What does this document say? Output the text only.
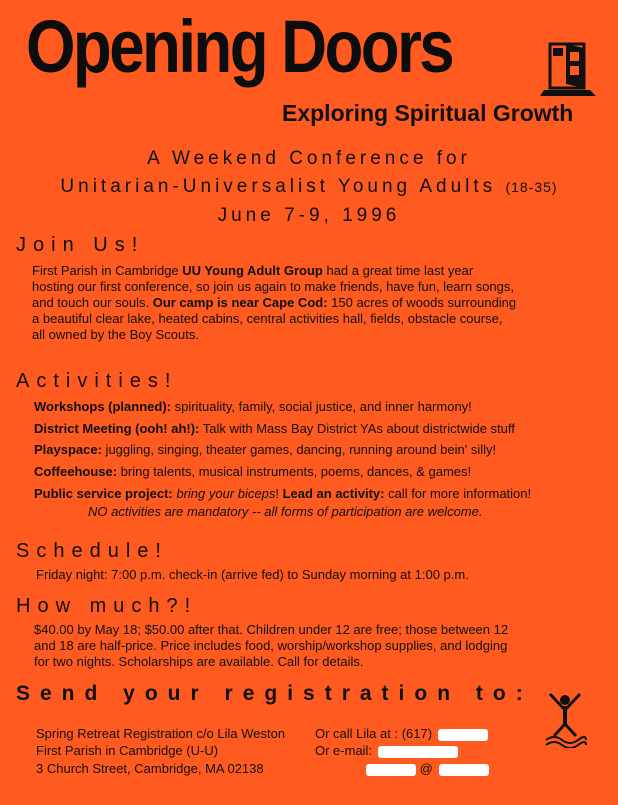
Opening Doors
Exploring Spiritual Growth
A Weekend Conference for
Unitarian-Universalist Young Adults (18-35)
June 7-9, 1996
Join Us!
First Parish in Cambridge UU Young Adult Group had a great time last year
hosting our first conference, so join us again to make friends, have fun, learn songs,
and touch our souls. Our camp is near Cape Cod: 150 acres of woods surrounding
a beautiful clear lake, heated cabins, central activities hall, fields, obstacle course,
all owned by the Boy Scouts.
Activities!
Workshops (planned): spirituality, family, social justice, and inner harmony!
District Meeting (ooh! ah!): Talk with Mass Bay District YAs about districtwide stuff
Playspace: juggling, singing, theater games, dancing, running around bein' silly!
Coffeehouse: bring talents, musical instruments, poems, dances, & games!
Public service project: bring your biceps! Lead an activity: call for more information!
NO activities are mandatory -- all forms of participation are welcome.
Schedule!
Friday night: 7:00 p.m. check-in (arrive fed) to Sunday morning at 1:00 p.m.
How much?!
$40.00 by May 18; $50.00 after that. Children under 12 are free; those between 12
and 18 are half-price. Price includes food, worship/workshop supplies, and lodging
for two nights. Scholarships are available. Call for details.
Send your registration to:
Spring Retreat Registration c/o Lila Weston
First Parish in Cambridge (U-U)
3 Church Street, Cambridge, MA 02138
Or call Lila at : (617)
Or e-mail:
@
